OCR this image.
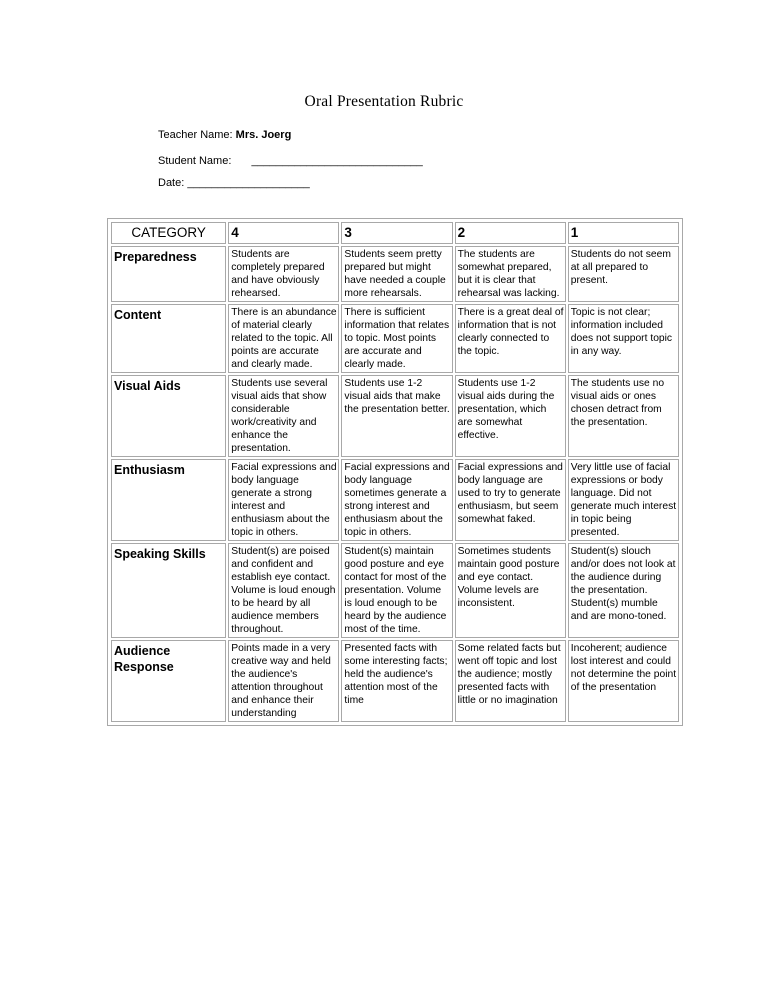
Oral Presentation Rubric
Teacher Name: Mrs. Joerg
Student Name: ____________________________
Date: ____________________
CATEGORY	4	3	2	1
Preparedness	Students are completely prepared and have obviously rehearsed.	Students seem pretty prepared but might have needed a couple more rehearsals.	The students are somewhat prepared, but it is clear that rehearsal was lacking.	Students do not seem at all prepared to present.
Content	There is an abundance of material clearly related to the topic. All points are accurate and clearly made.	There is sufficient information that relates to topic. Most points are accurate and clearly made.	There is a great deal of information that is not clearly connected to the topic.	Topic is not clear; information included does not support topic in any way.
Visual Aids	Students use several visual aids that show considerable work/creativity and enhance the presentation.	Students use 1-2 visual aids that make the presentation better.	Students use 1-2 visual aids during the presentation, which are somewhat effective.	The students use no visual aids or ones chosen detract from the presentation.
Enthusiasm	Facial expressions and body language generate a strong interest and enthusiasm about the topic in others.	Facial expressions and body language sometimes generate a strong interest and enthusiasm about the topic in others.	Facial expressions and body language are used to try to generate enthusiasm, but seem somewhat faked.	Very little use of facial expressions or body language. Did not generate much interest in topic being presented.
Speaking Skills	Student(s) are poised and confident and establish eye contact. Volume is loud enough to be heard by all audience members throughout.	Student(s) maintain good posture and eye contact for most of the presentation. Volume is loud enough to be heard by the audience most of the time.	Sometimes students maintain good posture and eye contact. Volume levels are inconsistent.	Student(s) slouch and/or does not look at the audience during the presentation. Student(s) mumble and are mono-toned.
Audience Response	Points made in a very creative way and held the audience's attention throughout and enhance their understanding	Presented facts with some interesting facts; held the audience's attention most of the time	Some related facts but went off topic and lost the audience; mostly presented facts with little or no imagination	Incoherent; audience lost interest and could not determine the point of the presentation
